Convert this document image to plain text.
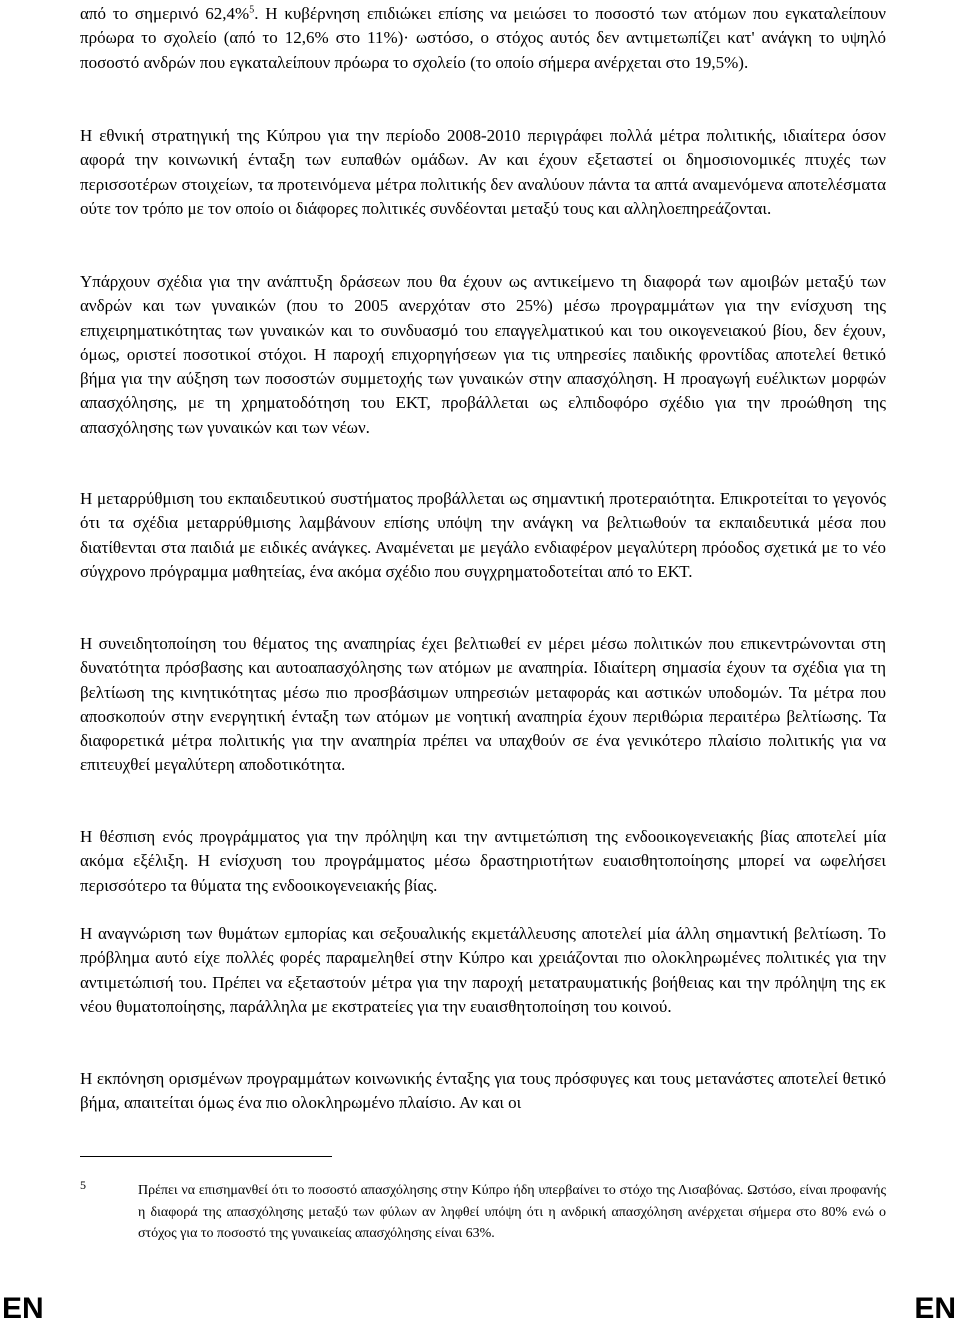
από το σημερινό 62,4%$^5$. Η κυβέρνηση επιδιώκει επίσης να μειώσει το ποσοστό των ατόμων που εγκαταλείπουν πρόωρα το σχολείο (από το 12,6% στο 11%)· ωστόσο, ο στόχος αυτός δεν αντιμετωπίζει κατ' ανάγκη το υψηλό ποσοστό ανδρών που εγκαταλείπουν πρόωρα το σχολείο (το οποίο σήμερα ανέρχεται στο 19,5%).

Η εθνική στρατηγική της Κύπρου για την περίοδο 2008-2010 περιγράφει πολλά μέτρα πολιτικής, ιδιαίτερα όσον αφορά την κοινωνική ένταξη των ευπαθών ομάδων. Αν και έχουν εξεταστεί οι δημοσιονομικές πτυχές των περισσοτέρων στοιχείων, τα προτεινόμενα μέτρα πολιτικής δεν αναλύουν πάντα τα απτά αναμενόμενα αποτελέσματα ούτε τον τρόπο με τον οποίο οι διάφορες πολιτικές συνδέονται μεταξύ τους και αλληλοεπηρεάζονται.

Υπάρχουν σχέδια για την ανάπτυξη δράσεων που θα έχουν ως αντικείμενο τη διαφορά των αμοιβών μεταξύ των ανδρών και των γυναικών (που το 2005 ανερχόταν στο 25%) μέσω προγραμμάτων για την ενίσχυση της επιχειρηματικότητας των γυναικών και το συνδυασμό του επαγγελματικού και του οικογενειακού βίου, δεν έχουν, όμως, οριστεί ποσοτικοί στόχοι. Η παροχή επιχορηγήσεων για τις υπηρεσίες παιδικής φροντίδας αποτελεί θετικό βήμα για την αύξηση των ποσοστών συμμετοχής των γυναικών στην απασχόληση. Η προαγωγή ευέλικτων μορφών απασχόλησης, με τη χρηματοδότηση του ΕΚΤ, προβάλλεται ως ελπιδοφόρο σχέδιο για την προώθηση της απασχόλησης των γυναικών και των νέων.

Η μεταρρύθμιση του εκπαιδευτικού συστήματος προβάλλεται ως σημαντική προτεραιότητα. Επικροτείται το γεγονός ότι τα σχέδια μεταρρύθμισης λαμβάνουν επίσης υπόψη την ανάγκη να βελτιωθούν τα εκπαιδευτικά μέσα που διατίθενται στα παιδιά με ειδικές ανάγκες. Αναμένεται με μεγάλο ενδιαφέρον μεγαλύτερη πρόοδος σχετικά με το νέο σύγχρονο πρόγραμμα μαθητείας, ένα ακόμα σχέδιο που συγχρηματοδοτείται από το ΕΚΤ.

Η συνειδητοποίηση του θέματος της αναπηρίας έχει βελτιωθεί εν μέρει μέσω πολιτικών που επικεντρώνονται στη δυνατότητα πρόσβασης και αυτοαπασχόλησης των ατόμων με αναπηρία. Ιδιαίτερη σημασία έχουν τα σχέδια για τη βελτίωση της κινητικότητας μέσω πιο προσβάσιμων υπηρεσιών μεταφοράς και αστικών υποδομών. Τα μέτρα που αποσκοπούν στην ενεργητική ένταξη των ατόμων με νοητική αναπηρία έχουν περιθώρια περαιτέρω βελτίωσης. Τα διαφορετικά μέτρα πολιτικής για την αναπηρία πρέπει να υπαχθούν σε ένα γενικότερο πλαίσιο πολιτικής για να επιτευχθεί μεγαλύτερη αποδοτικότητα.

Η θέσπιση ενός προγράμματος για την πρόληψη και την αντιμετώπιση της ενδοοικογενειακής βίας αποτελεί μία ακόμα εξέλιξη. Η ενίσχυση του προγράμματος μέσω δραστηριοτήτων ευαισθητοποίησης μπορεί να ωφελήσει περισσότερο τα θύματα της ενδοοικογενειακής βίας.

Η αναγνώριση των θυμάτων εμπορίας και σεξουαλικής εκμετάλλευσης αποτελεί μία άλλη σημαντική βελτίωση. Το πρόβλημα αυτό είχε πολλές φορές παραμεληθεί στην Κύπρο και χρειάζονται πιο ολοκληρωμένες πολιτικές για την αντιμετώπισή του. Πρέπει να εξεταστούν μέτρα για την παροχή μετατραυματικής βοήθειας και την πρόληψη της εκ νέου θυματοποίησης, παράλληλα με εκστρατείες για την ευαισθητοποίηση του κοινού.

Η εκπόνηση ορισμένων προγραμμάτων κοινωνικής ένταξης για τους πρόσφυγες και τους μετανάστες αποτελεί θετικό βήμα, απαιτείται όμως ένα πιο ολοκληρωμένο πλαίσιο. Αν και οι

5	Πρέπει να επισημανθεί ότι το ποσοστό απασχόλησης στην Κύπρο ήδη υπερβαίνει το στόχο της Λισαβόνας. Ωστόσο, είναι προφανής η διαφορά της απασχόλησης μεταξύ των φύλων αν ληφθεί υπόψη ότι η ανδρική απασχόληση ανέρχεται σήμερα στο 80% ενώ ο στόχος για το ποσοστό της γυναικείας απασχόλησης είναι 63%.

EN	EN
